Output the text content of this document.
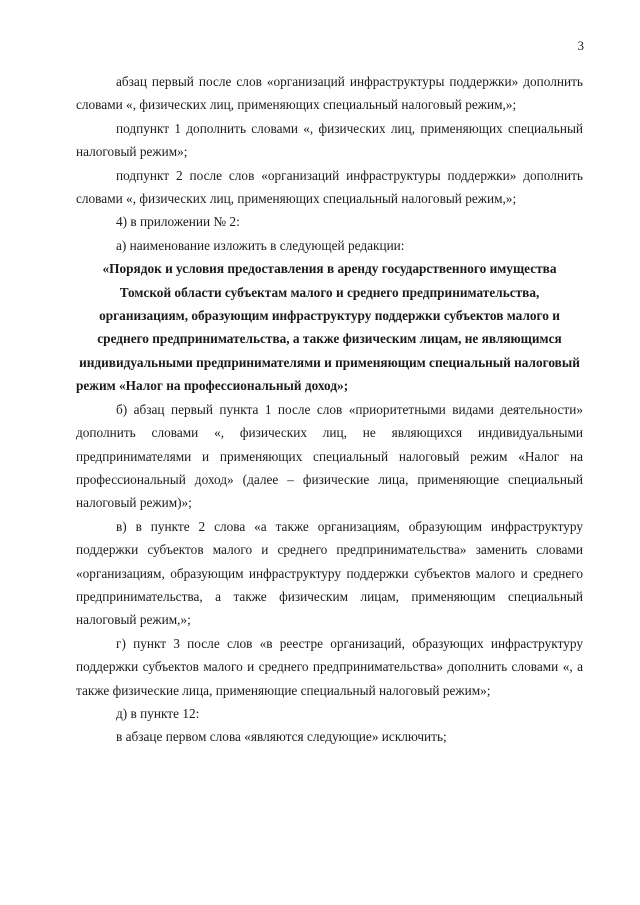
3

абзац первый после слов «организаций инфраструктуры поддержки» дополнить словами «, физических лиц, применяющих специальный налоговый режим,»;

подпункт 1 дополнить словами «, физических лиц, применяющих специальный налоговый режим»;

подпункт 2 после слов «организаций инфраструктуры поддержки» дополнить словами «, физических лиц, применяющих специальный налоговый режим,»;

4) в приложении № 2:

а) наименование изложить в следующей редакции:

«Порядок и условия предоставления в аренду государственного имущества Томской области субъектам малого и среднего предпринимательства, организациям, образующим инфраструктуру поддержки субъектов малого и среднего предпринимательства, а также физическим лицам, не являющимся индивидуальными предпринимателями и применяющим специальный налоговый режим «Налог на профессиональный доход»;

б) абзац первый пункта 1 после слов «приоритетными видами деятельности» дополнить словами «, физических лиц, не являющихся индивидуальными предпринимателями и применяющих специальный налоговый режим «Налог на профессиональный доход» (далее – физические лица, применяющие специальный налоговый режим)»;

в) в пункте 2 слова «а также организациям, образующим инфраструктуру поддержки субъектов малого и среднего предпринимательства» заменить словами «организациям, образующим инфраструктуру поддержки субъектов малого и среднего предпринимательства, а также физическим лицам, применяющим специальный налоговый режим,»;

г) пункт 3 после слов «в реестре организаций, образующих инфраструктуру поддержки субъектов малого и среднего предпринимательства» дополнить словами «, а также физические лица, применяющие специальный налоговый режим»;

д) в пункте 12:

в абзаце первом слова «являются следующие» исключить;
